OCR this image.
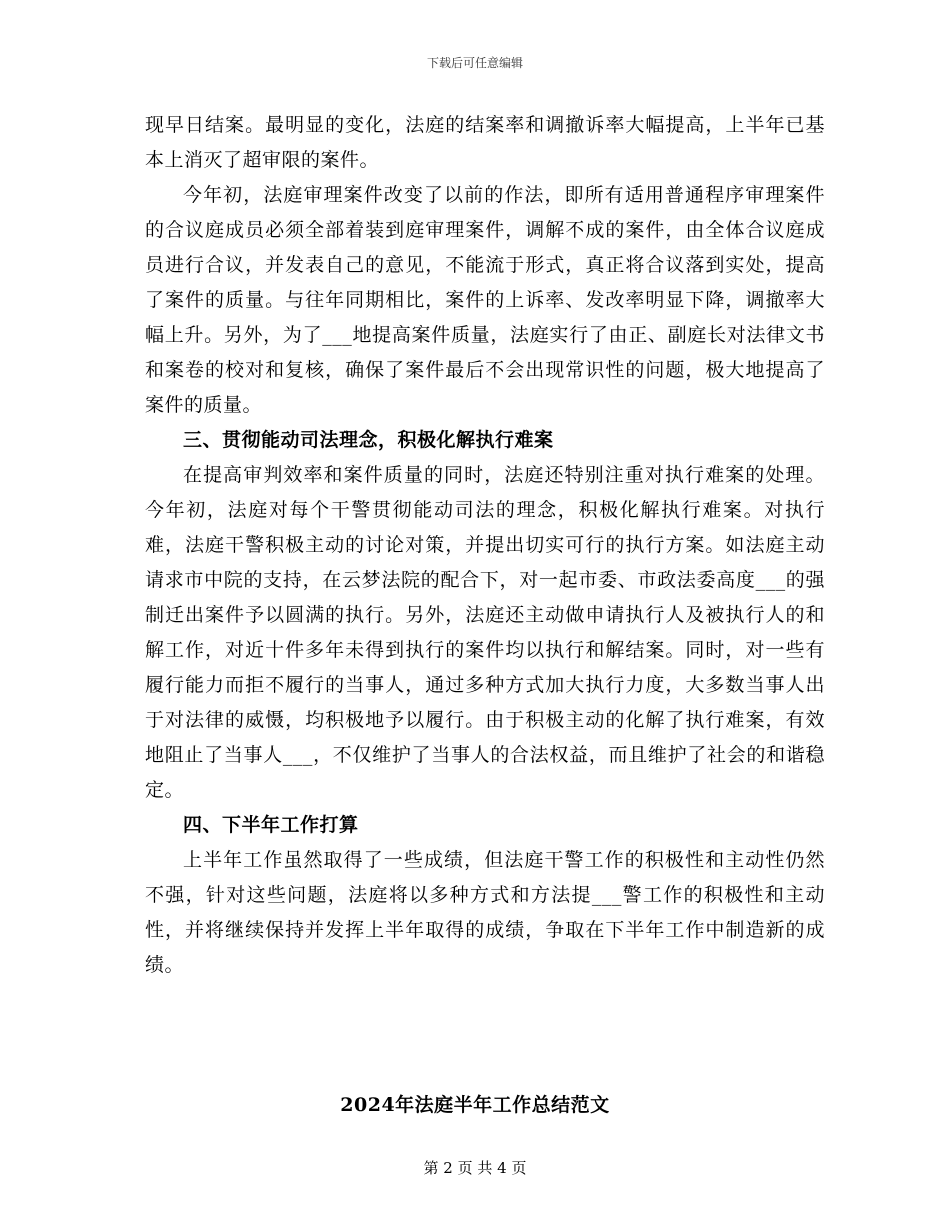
下载后可任意编辑

现早日结案。最明显的变化，法庭的结案率和调撤诉率大幅提高，上半年已基本上消灭了超审限的案件。

今年初，法庭审理案件改变了以前的作法，即所有适用普通程序审理案件的合议庭成员必须全部着装到庭审理案件，调解不成的案件，由全体合议庭成员进行合议，并发表自己的意见，不能流于形式，真正将合议落到实处，提高了案件的质量。与往年同期相比，案件的上诉率、发改率明显下降，调撤率大幅上升。另外，为了___地提高案件质量，法庭实行了由正、副庭长对法律文书和案卷的校对和复核，确保了案件最后不会出现常识性的问题，极大地提高了案件的质量。

三、贯彻能动司法理念，积极化解执行难案

在提高审判效率和案件质量的同时，法庭还特别注重对执行难案的处理。今年初，法庭对每个干警贯彻能动司法的理念，积极化解执行难案。对执行难，法庭干警积极主动的讨论对策，并提出切实可行的执行方案。如法庭主动请求市中院的支持，在云梦法院的配合下，对一起市委、市政法委高度___的强制迁出案件予以圆满的执行。另外，法庭还主动做申请执行人及被执行人的和解工作，对近十件多年未得到执行的案件均以执行和解结案。同时，对一些有履行能力而拒不履行的当事人，通过多种方式加大执行力度，大多数当事人出于对法律的威慑，均积极地予以履行。由于积极主动的化解了执行难案，有效地阻止了当事人___，不仅维护了当事人的合法权益，而且维护了社会的和谐稳定。

四、下半年工作打算

上半年工作虽然取得了一些成绩，但法庭干警工作的积极性和主动性仍然不强，针对这些问题，法庭将以多种方式和方法提___警工作的积极性和主动性，并将继续保持并发挥上半年取得的成绩，争取在下半年工作中制造新的成绩。

2024年法庭半年工作总结范文
第 2 页 共 4 页
